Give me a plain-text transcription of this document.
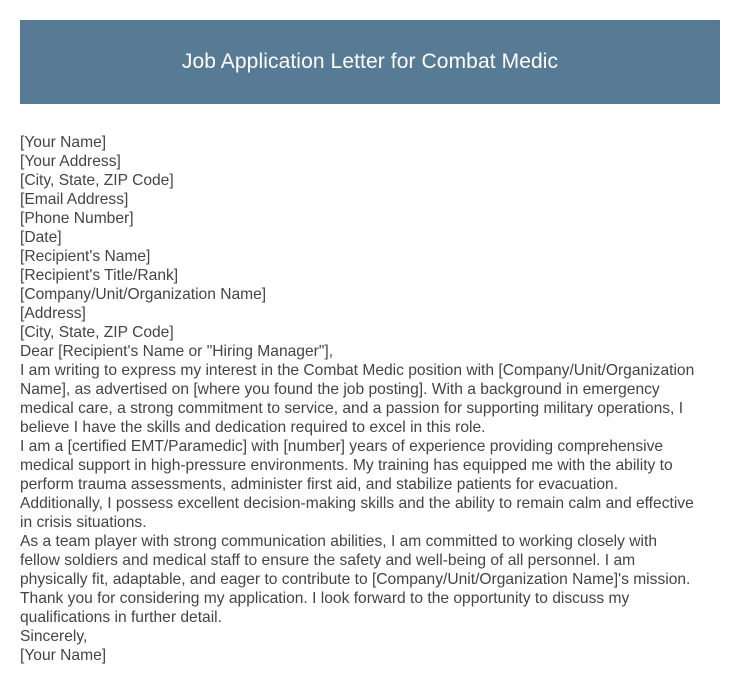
Job Application Letter for Combat Medic
[Your Name]
[Your Address]
[City, State, ZIP Code]
[Email Address]
[Phone Number]
[Date]
[Recipient's Name]
[Recipient's Title/Rank]
[Company/Unit/Organization Name]
[Address]
[City, State, ZIP Code]
Dear [Recipient's Name or "Hiring Manager"],
I am writing to express my interest in the Combat Medic position with [Company/Unit/Organization
Name], as advertised on [where you found the job posting]. With a background in emergency
medical care, a strong commitment to service, and a passion for supporting military operations, I
believe I have the skills and dedication required to excel in this role.
I am a [certified EMT/Paramedic] with [number] years of experience providing comprehensive
medical support in high-pressure environments. My training has equipped me with the ability to
perform trauma assessments, administer first aid, and stabilize patients for evacuation.
Additionally, I possess excellent decision-making skills and the ability to remain calm and effective
in crisis situations.
As a team player with strong communication abilities, I am committed to working closely with
fellow soldiers and medical staff to ensure the safety and well-being of all personnel. I am
physically fit, adaptable, and eager to contribute to [Company/Unit/Organization Name]'s mission.
Thank you for considering my application. I look forward to the opportunity to discuss my
qualifications in further detail.
Sincerely,
[Your Name]
